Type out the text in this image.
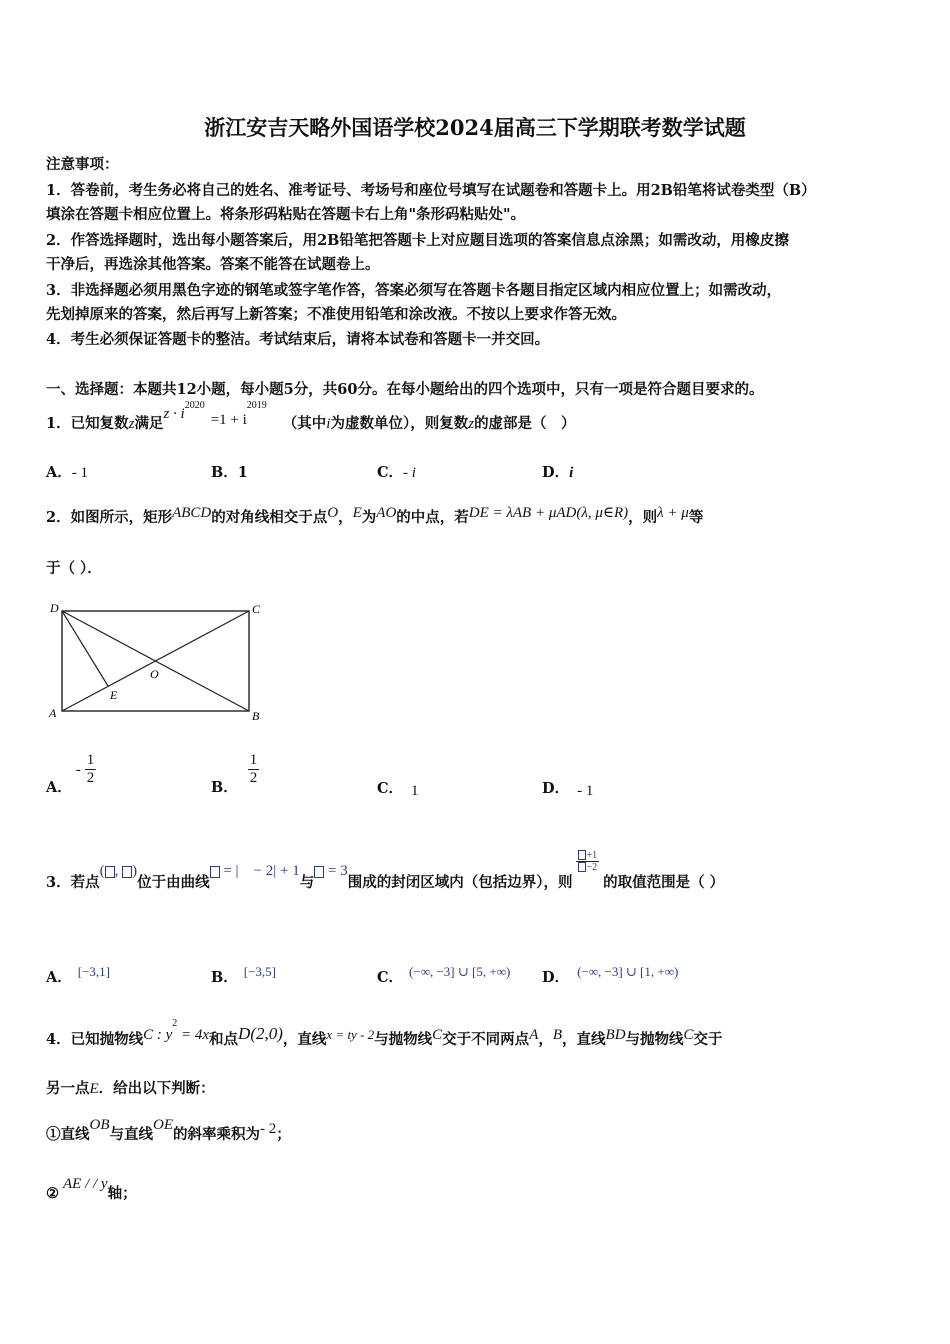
浙江安吉天略外国语学校2024届高三下学期联考数学试题
注意事项：
1．答卷前，考生务必将自己的姓名、准考证号、考场号和座位号填写在试题卷和答题卡上。用2B铅笔将试卷类型（B）
填涂在答题卡相应位置上。将条形码粘贴在答题卡右上角"条形码粘贴处"。
2．作答选择题时，选出每小题答案后，用2B铅笔把答题卡上对应题目选项的答案信息点涂黑；如需改动，用橡皮擦
干净后，再选涂其他答案。答案不能答在试题卷上。
3．非选择题必须用黑色字迹的钢笔或签字笔作答，答案必须写在答题卡各题目指定区域内相应位置上；如需改动，
先划掉原来的答案，然后再写上新答案；不准使用铅笔和涂改液。不按以上要求作答无效。
4．考生必须保证答题卡的整洁。考试结束后，请将本试卷和答题卡一并交回。
一、选择题：本题共12小题，每小题5分，共60分。在每小题给出的四个选项中，只有一项是符合题目要求的。
1．已知复数z满足$z \cdot i^{2020}=1 + i^{2019}$（其中i为虚数单位），则复数z的虚部是（　）
A．- 1	B．1	C．- i	D．i
2．如图所示，矩形ABCD的对角线相交于点O，E为AO的中点，若DE = λAB + μAD(λ, μ∈R)，则λ + μ等
于（ ）．
D	C
A	B
O
E
A．- $\frac{1}{2}$	B． $\frac{1}{2}$
C． 1	D． - 1
3．若点( , )位于由曲线 = |　− 2| + 1与 = 3围成的封闭区域内（包括边界），则
$\frac{+1}{-2}$
的取值范围是（ ）
A． [−3,1]	B． [−3,5]	C． (−∞, −3] ∪ [5, +∞) D． (−∞, −3] ∪ [1, +∞)
4．已知抛物线C : $y^2 = 4x$和点D(2,0)，直线x = ty - 2与抛物线C交于不同两点A，B，直线BD与抛物线C交于
另一点E．给出以下判断：
①直线OB与直线OE的斜率乘积为- 2；
②AE / / y轴；
